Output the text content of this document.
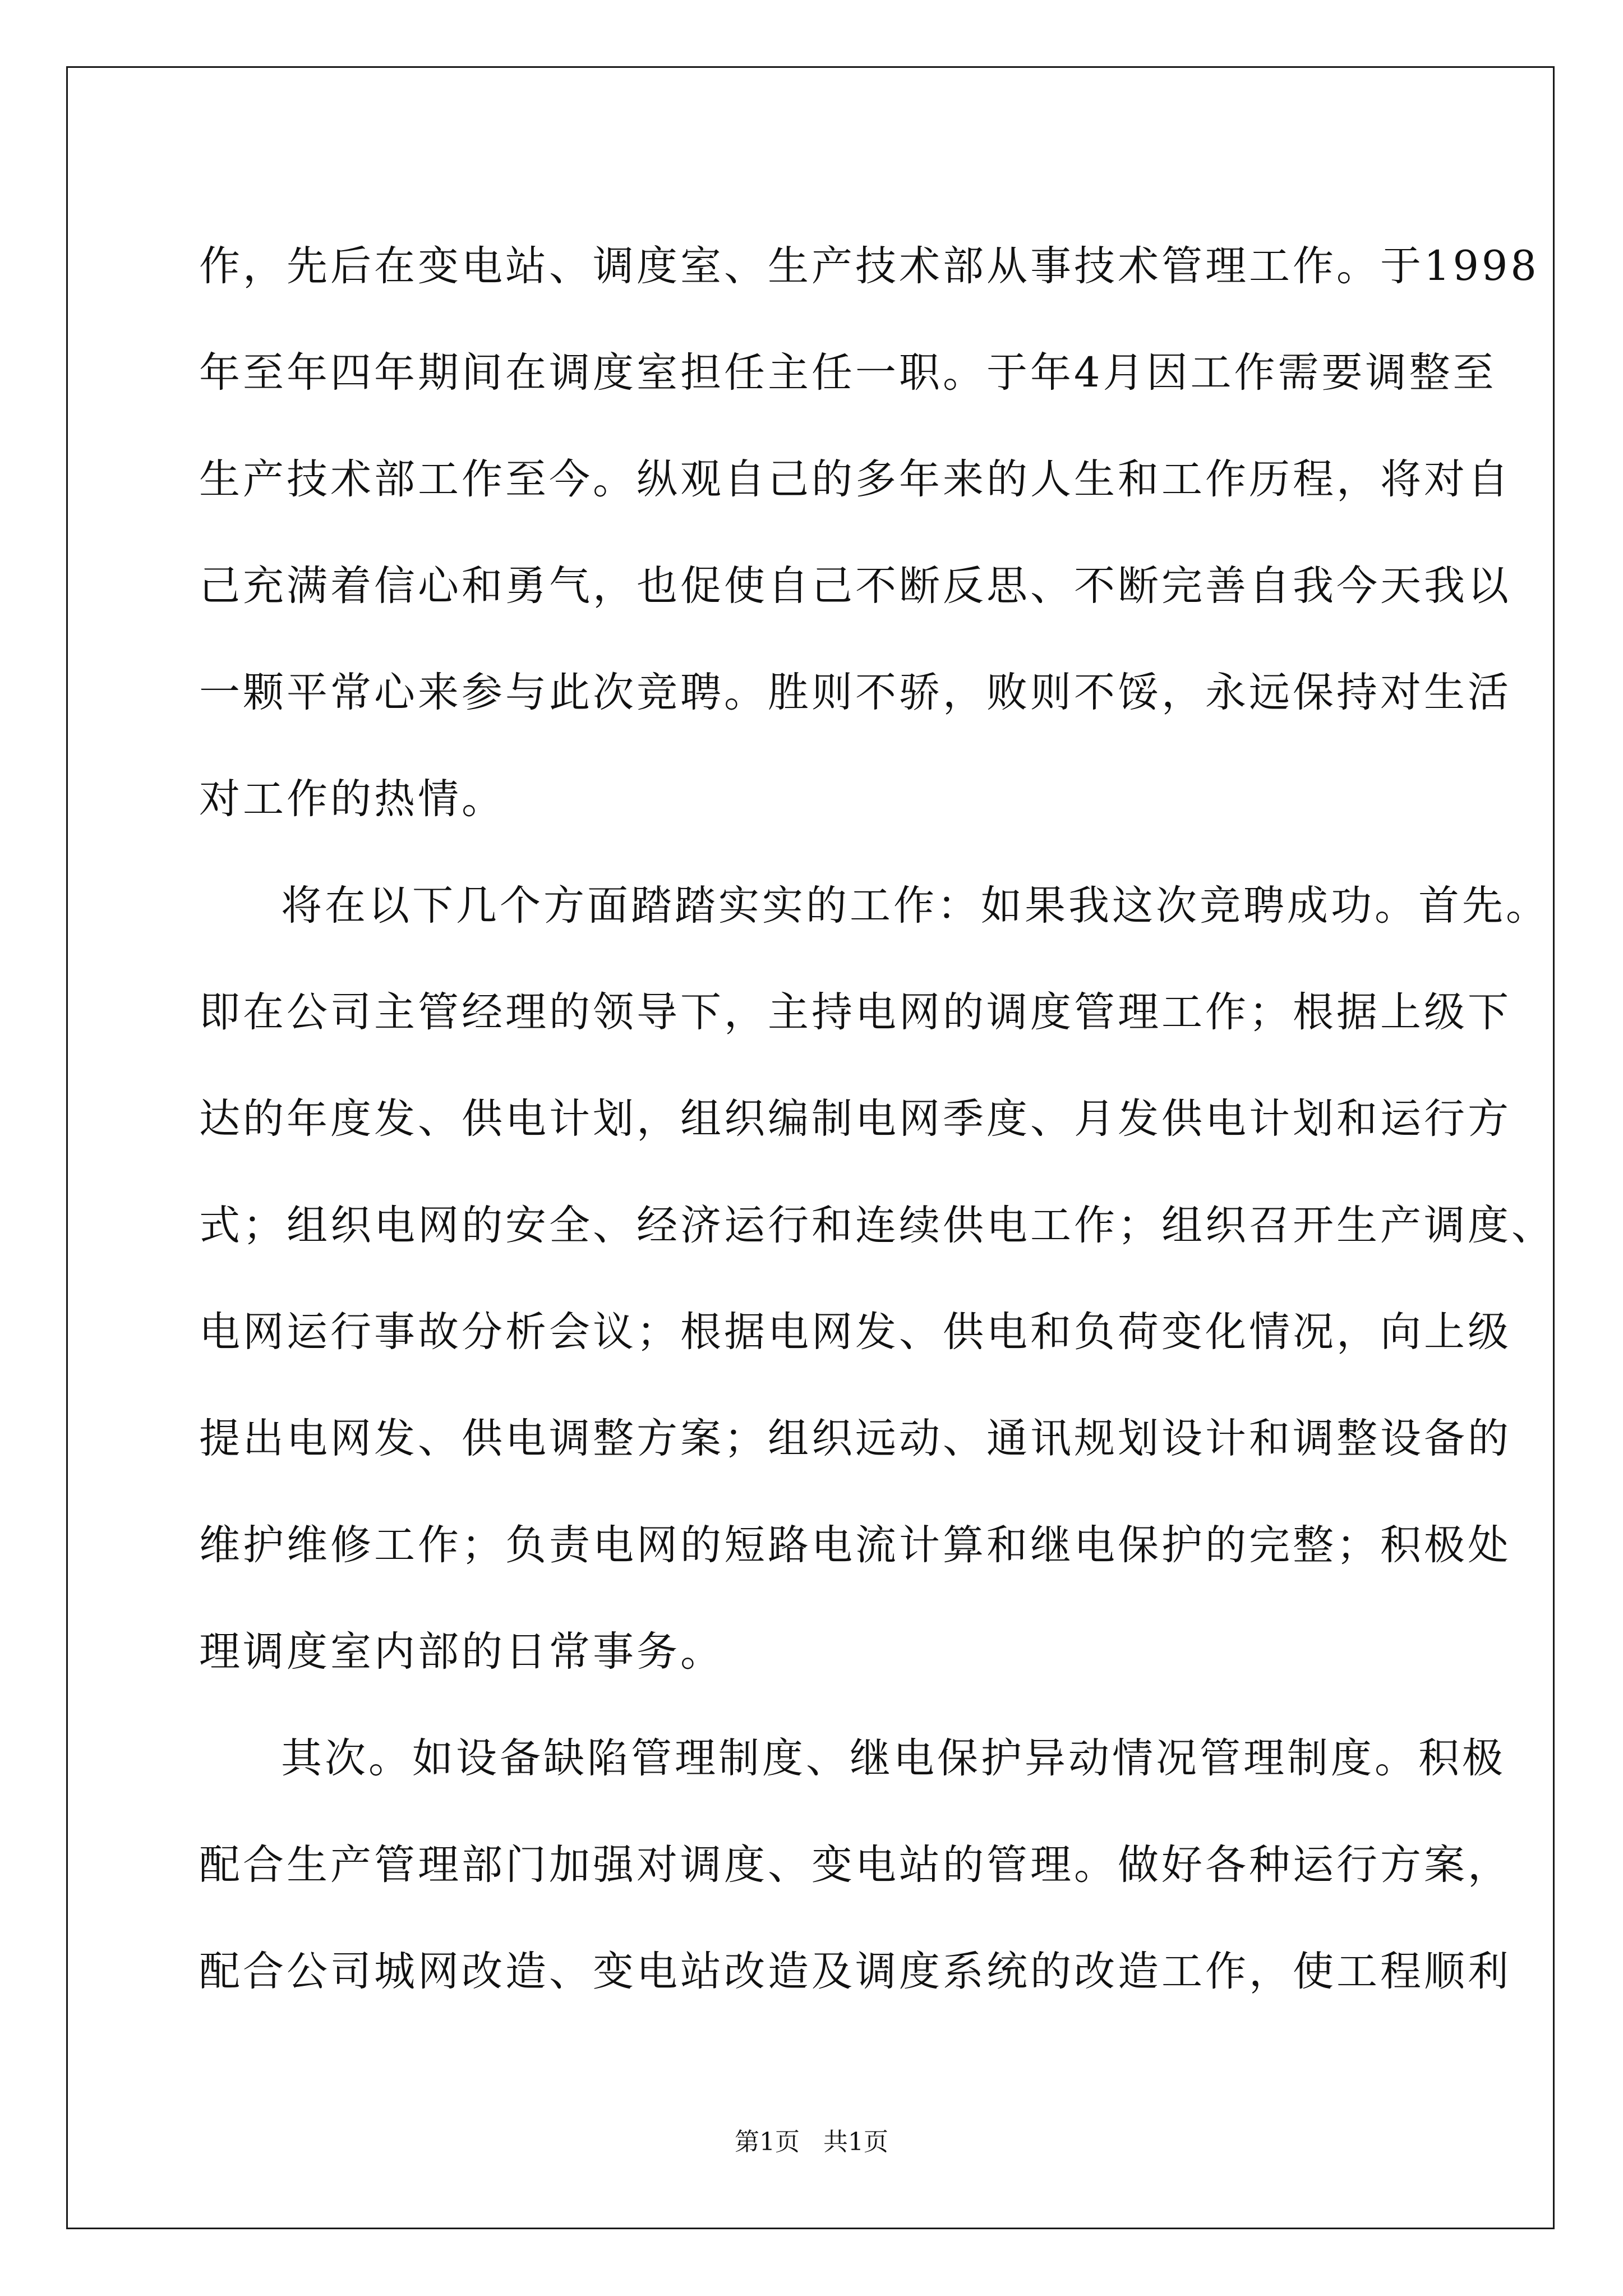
作，先后在变电站、调度室、生产技术部从事技术管理工作。于1998
年至年四年期间在调度室担任主任一职。于年4月因工作需要调整至
生产技术部工作至今。纵观自己的多年来的人生和工作历程，将对自
己充满着信心和勇气，也促使自己不断反思、不断完善自我今天我以
一颗平常心来参与此次竞聘。胜则不骄，败则不馁，永远保持对生活
对工作的热情。
将在以下几个方面踏踏实实的工作：如果我这次竞聘成功。首先。
即在公司主管经理的领导下，主持电网的调度管理工作；根据上级下
达的年度发、供电计划，组织编制电网季度、月发供电计划和运行方
式；组织电网的安全、经济运行和连续供电工作；组织召开生产调度、
电网运行事故分析会议；根据电网发、供电和负荷变化情况，向上级
提出电网发、供电调整方案；组织远动、通讯规划设计和调整设备的
维护维修工作；负责电网的短路电流计算和继电保护的完整；积极处
理调度室内部的日常事务。
其次。如设备缺陷管理制度、继电保护异动情况管理制度。积极
配合生产管理部门加强对调度、变电站的管理。做好各种运行方案，
配合公司城网改造、变电站改造及调度系统的改造工作，使工程顺利
第1页   共1页
